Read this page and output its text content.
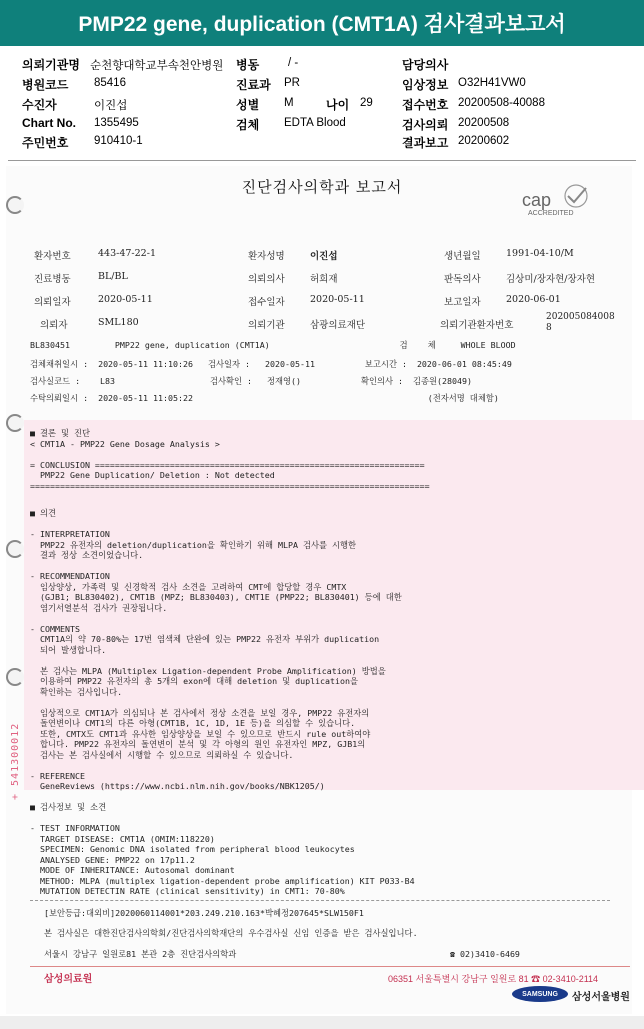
PMP22 gene, duplication (CMT1A) 검사결과보고서
의뢰기관명 순천향대학교부속천안병원 병동	/ -	담당의사
병원코드 85416	진료과 PR	임상정보 O32H41VW0
수진자	이진섭	성별 M	나이 29 접수번호 20200508-40088
Chart No. 1355495	검체 EDTA Blood	검사의뢰 20200508
주민번호 910410-1	결과보고 20200602
진단검사의학과 보고서
cap
ACCREDITED
환자번호	443-47-22-1	환자성명	이진섭	생년월일	1991-04-10/M
진료병동	BL/BL	의뢰의사	허희재	판독의사	김상미/장자현/장자현
의뢰일자	2020-05-11	접수일자	2020-05-11	보고일자	2020-06-01
의뢰자	SML180	의뢰기관	삼광의료재단	의뢰기관환자번호
202005084008 8
BL830451         PMP22 gene, duplication (CMT1A)                          검    체     WHOLE BLOOD
검체채취일시 :  2020-05-11 11:10:26   검사일자 :   2020-05-11          보고시간 :  2020-06-01 08:45:49
검사실코드 :    L83                   검사확인 :   정재영()            확인의사 :  김종원(28049)
수탁의뢰일시 :  2020-05-11 11:05:22                                               (전자서명 대체함)
■ 결론 및 진단
< CMT1A - PMP22 Gene Dosage Analysis >

= CONCLUSION ==================================================================
PMP22 Gene Duplication/ Deletion : Not detected
================================================================================
■ 의견

- INTERPRETATION
PMP22 유전자의 deletion/duplication을 확인하기 위해 MLPA 검사를 시행한
결과 정상 소견이었습니다.

- RECOMMENDATION
임상양상, 가족력 및 신경학적 검사 소견을 고려하여 CMT에 합당할 경우 CMTX
(GJB1; BL830402), CMT1B (MPZ; BL830403), CMT1E (PMP22; BL830401) 등에 대한
염기서열분석 검사가 권장됩니다.

- COMMENTS
CMT1A의 약 70-80%는 17번 염색체 단완에 있는 PMP22 유전자 부위가 duplication
되어 발생합니다.

본 검사는 MLPA (Multiplex Ligation-dependent Probe Amplification) 방법을
이용하여 PMP22 유전자의 총 5개의 exon에 대해 deletion 및 duplication을
확인하는 검사입니다.

임상적으로 CMT1A가 의심되나 본 검사에서 정상 소견을 보일 경우, PMP22 유전자의
돌연변이나 CMT1의 다른 아형(CMT1B, 1C, 1D, 1E 등)을 의심할 수 있습니다.
또한, CMTX도 CMT1과 유사한 임상양상을 보일 수 있으므로 반드시 rule out하여야
합니다. PMP22 유전자의 돌연변이 분석 및 각 아형의 원인 유전자인 MPZ, GJB1의
검사는 본 검사실에서 시행할 수 있으므로 의뢰하실 수 있습니다.

- REFERENCE
GeneReviews (https://www.ncbi.nlm.nih.gov/books/NBK1205/)
■ 검사정보 및 소견

- TEST INFORMATION
TARGET DISEASE: CMT1A (OMIM:118220)
SPECIMEN: Genomic DNA isolated from peripheral blood leukocytes
ANALYSED GENE: PMP22 on 17p11.2
MODE OF INHERITANCE: Autosomal dominant
METHOD: MLPA (multiplex ligation-dependent probe amplification) KIT P033-B4
MUTATION DETECTIN RATE (clinical sensitivity) in CMT1: 70-80%
[보안등급:대외비]2020060114001*203.249.210.163*박혜정207645*SLW150F1
본 검사실은 대한진단검사의학회/진단검사의학재단의 우수검사실 신임 인증을 받은 검사실입니다.
서울시 강남구 일원로81 본관 2층 진단검사의학과	☎ 02)3410-6469
+ 541300012
삼성의료원	06351 서울특별시 강남구 일원로 81 ☎ 02-3410-2114
SAMSUNG	삼성서울병원
